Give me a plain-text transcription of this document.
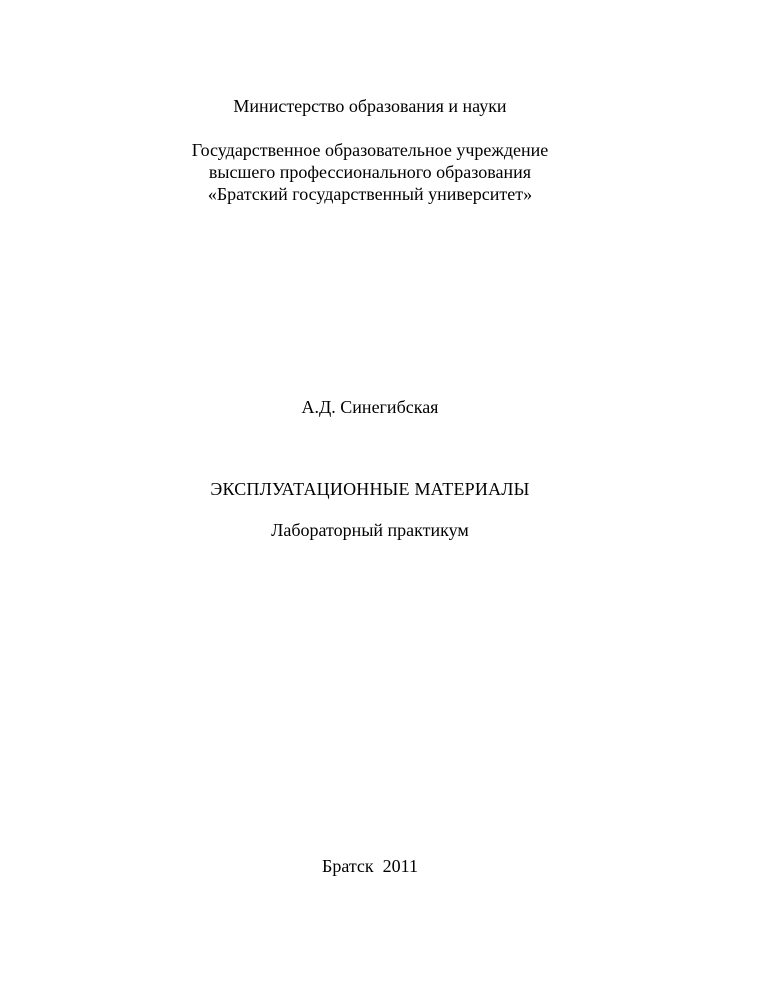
Министерство образования и науки
Государственное образовательное учреждение
высшего профессионального образования
«Братский государственный университет»
А.Д. Синегибская
ЭКСПЛУАТАЦИОННЫЕ МАТЕРИАЛЫ
Лабораторный практикум
Братск  2011
